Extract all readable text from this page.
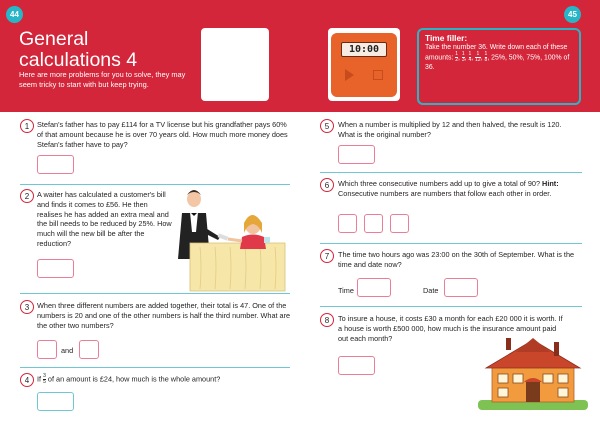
44	45
General calculations 4

Here are more problems for you to solve, they may seem tricky to start with but keep trying.

10:00
Time filler:
Take the number 36. Write down each of these amounts: $\frac{1}{2}$ , $\frac{1}{3}$ , $\frac{1}{4}$ , $\frac{1}{12}$ , $\frac{1}{8}$ , 25%, 50%, 75%, 100% of 36.
1	Stefan's father has to pay £114 for a TV license but his grandfather pays 60% of that amount because he is over 70 years old. How much more money does Stefan's father have to pay?
2	A waiter has calculated a customer's bill and finds it comes to £56. He then realises he has added an extra meal and the bill needs to be reduced by 25%. How much will the new bill be after the reduction?
3	When three different numbers are added together, their total is 47. One of the numbers is 20 and one of the other numbers is half the third number. What are the other two numbers?
and
4	If $\frac{3}{5}$ of an amount is £24, how much is the whole amount?
5	When a number is multiplied by 12 and then halved, the result is 120. What is the original number?
6	Which three consecutive numbers add up to give a total of 90? Hint: Consecutive numbers are numbers that follow each other in order.
7	The time two hours ago was 23:00 on the 30th of September. What is the time and date now?
Time	Date
8	To insure a house, it costs £30 a month for each £20 000 it is worth. If a house is worth £500 000, how much is the insurance amount paid out each month?
